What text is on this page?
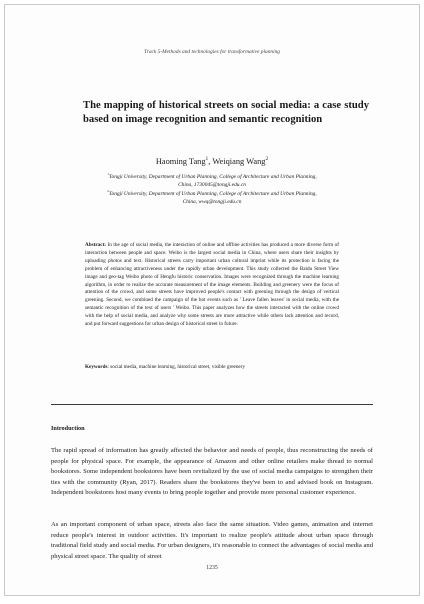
Track 5-Methods and technologies for transformative planning
The mapping of historical streets on social media: a case study based on image recognition and semantic recognition
Haoming Tang$^1$, Weiqiang Wang$^2$
$^1$Tongji University, Department of Urban Planning, College of Architecture and Urban Planning, China, 1730045@tongji.edu.cn
$^2$Tongji University, Department of Urban Planning, College of Architecture and Urban Planning, China, wwq@tongji.edu.cn
Abstract: In the age of social media, the interaction of online and offline activities has produced a more diverse form of interaction between people and space. Weibo is the largest social media in China, where users share their insights by uploading photos and text. Historical streets carry important urban cultural imprint while its protection is facing the problem of enhancing attractiveness under the rapidly urban development. This study collected the Baidu Street View image and geo-tag Weibo photo of Hengfu historic conservation. Images were recognized through the machine learning algorithm, in order to realize the accurate measurement of the image elements. Building and greenery were the focus of attention of the crowd, and some streets have improved people's contact with greening through the design of vertical greening. Second, we combined the campaign of the hot events such as ' Leave fallen leaves' in social media, with the semantic recognition of the text of users ' Weibo. This paper analyzes how the streets interacted with the online crowd with the help of social media, and analyze why some streets are more attractive while others lack attention and record, and put forward suggestions for urban design of historical street in future.
Keywords: social media, machine learning, historical street, visible greenery
Introduction

The rapid spread of information has greatly affected the behavior and needs of people, thus reconstructing the needs of people for physical space. For example, the appearance of Amazon and other online retailers make thread to normal bookstores. Some independent bookstores have been revitalized by the use of social media campaigns to strengthen their ties with the community (Ryan, 2017). Readers share the bookstores they've been to and advised book on Instagram. Independent bookstores host many events to bring people together and provide more personal customer experience.

As an important component of urban space, streets also face the same situation. Video games, animation and internet reduce people's interest in outdoor activities. It's important to realize people's attitude about urban space through traditional field study and social media. For urban designers, it's reasonable to connect the advantages of social media and physical street space. The quality of street

1235
